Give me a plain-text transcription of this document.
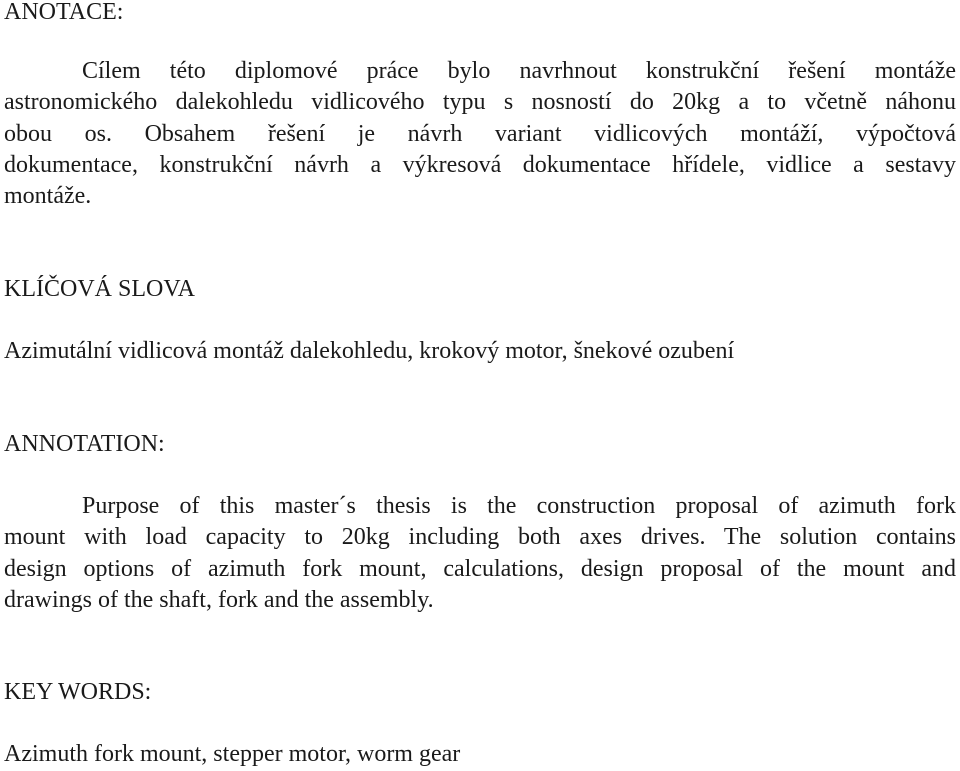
ANOTACE:
Cílem této diplomové práce bylo navrhnout konstrukční řešení montáže
astronomického dalekohledu vidlicového typu s nosností do 20kg a to včetně náhonu
obou os. Obsahem řešení je návrh variant vidlicových montáží, výpočtová
dokumentace, konstrukční návrh a výkresová dokumentace hřídele, vidlice a sestavy
montáže.
KLÍČOVÁ SLOVA

Azimutální vidlicová montáž dalekohledu, krokový motor, šnekové ozubení

ANNOTATION:
Purpose of this master´s thesis is the construction proposal of azimuth fork
mount with load capacity to 20kg including both axes drives. The solution contains
design options of azimuth fork mount, calculations, design proposal of the mount and
drawings of the shaft, fork and the assembly.
KEY WORDS:

Azimuth fork mount, stepper motor, worm gear
